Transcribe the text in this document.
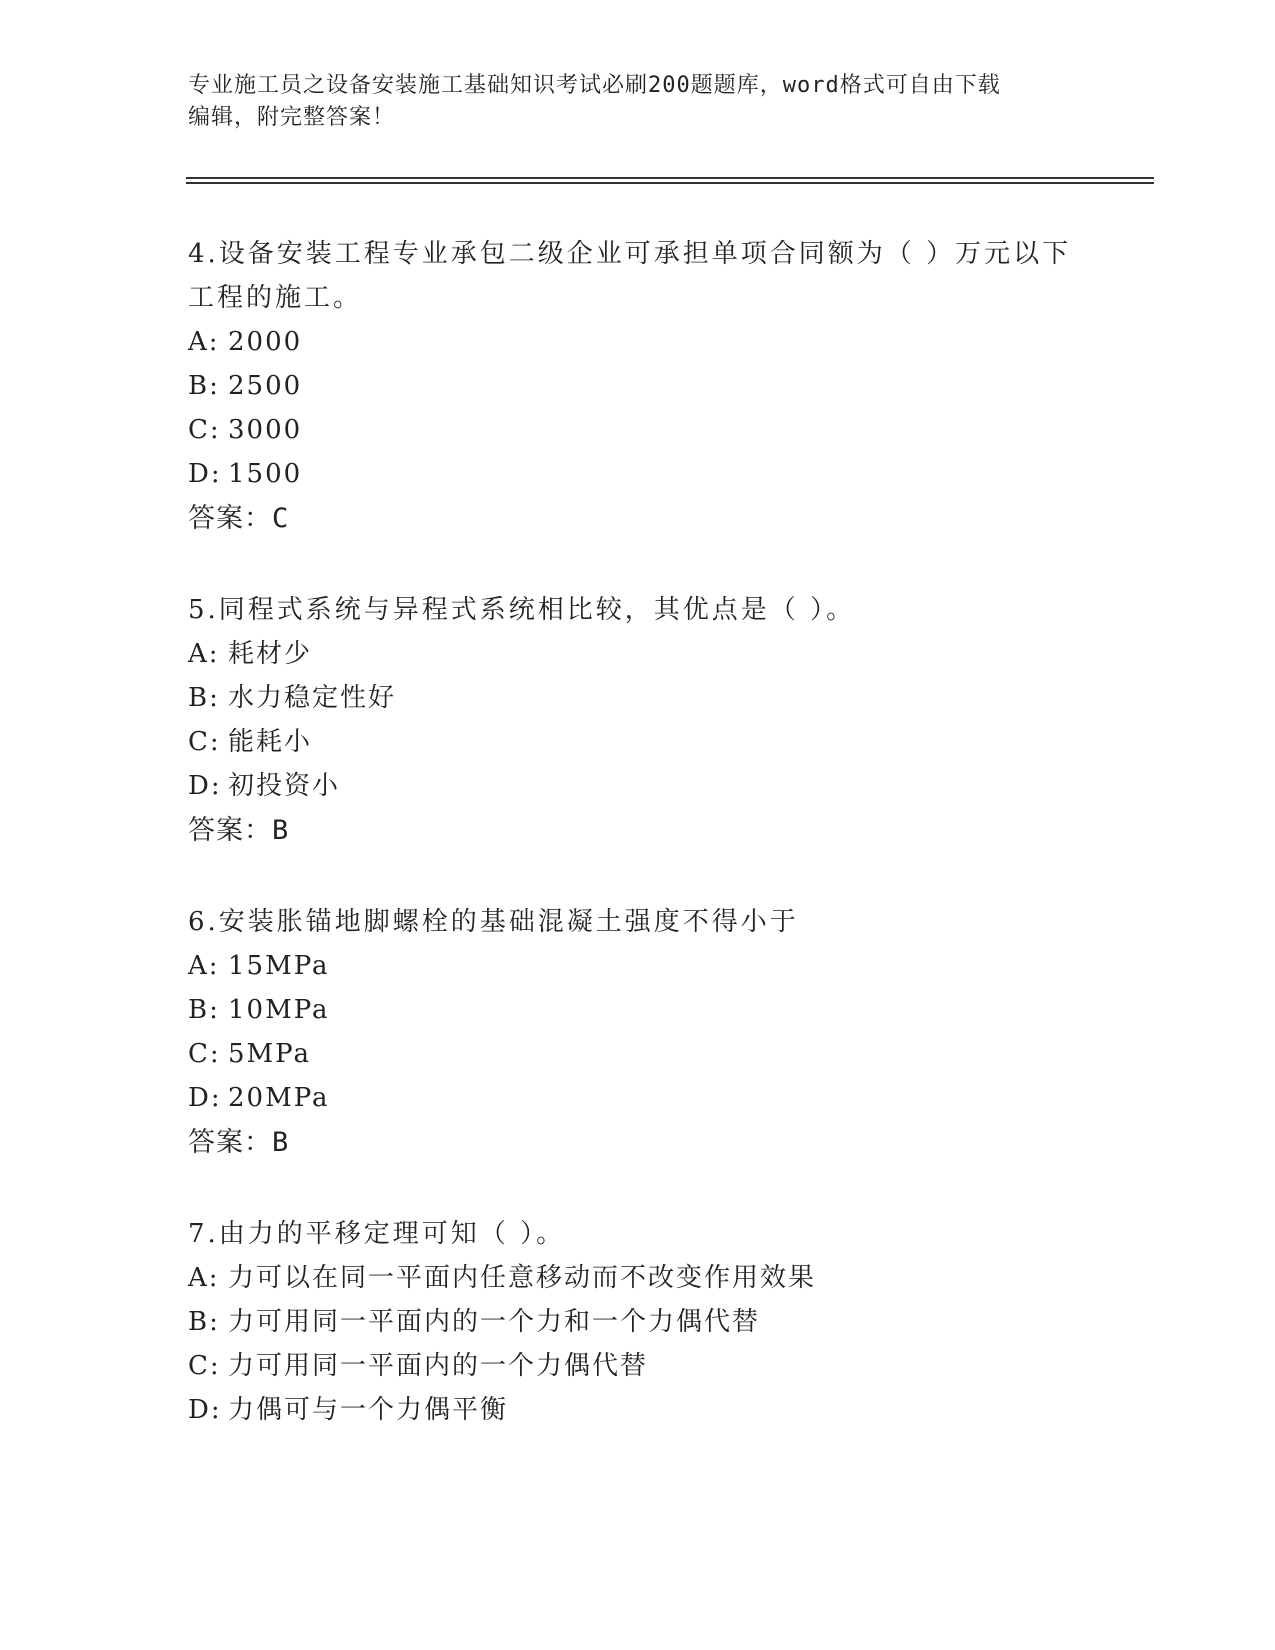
专业施工员之设备安装施工基础知识考试必刷200题题库，word格式可自由下载
编辑，附完整答案！
4.设备安装工程专业承包二级企业可承担单项合同额为（ ）万元以下
工程的施工。
A: 2000
B: 2500
C: 3000
D: 1500
答案：C
5.同程式系统与异程式系统相比较，其优点是（ ）。
A: 耗材少
B: 水力稳定性好
C: 能耗小
D: 初投资小
答案：B
6.安装胀锚地脚螺栓的基础混凝土强度不得小于
A: 15MPa
B: 10MPa
C: 5MPa
D: 20MPa
答案：B
7.由力的平移定理可知（ ）。
A: 力可以在同一平面内任意移动而不改变作用效果
B: 力可用同一平面内的一个力和一个力偶代替
C: 力可用同一平面内的一个力偶代替
D: 力偶可与一个力偶平衡
